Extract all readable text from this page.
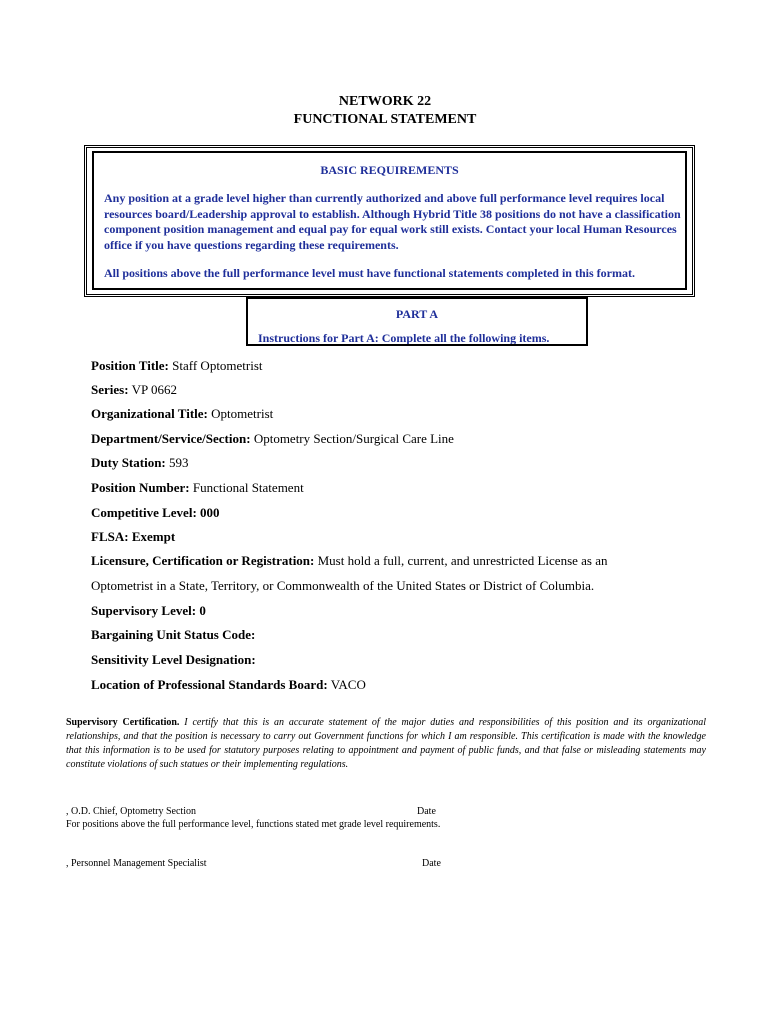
NETWORK 22
FUNCTIONAL STATEMENT
BASIC REQUIREMENTS
Any position at a grade level higher than currently authorized and above full performance level requires local resources board/Leadership approval to establish. Although Hybrid Title 38 positions do not have a classification component position management and equal pay for equal work still exists. Contact your local Human Resources office if you have questions regarding these requirements.
All positions above the full performance level must have functional statements completed in this format.
PART A
Instructions for Part A: Complete all the following items.
Position Title: Staff Optometrist
Series: VP 0662
Organizational Title: Optometrist
Department/Service/Section: Optometry Section/Surgical Care Line
Duty Station: 593
Position Number: Functional Statement
Competitive Level: 000
FLSA: Exempt
Licensure, Certification or Registration: Must hold a full, current, and unrestricted License as an
Optometrist in a State, Territory, or Commonwealth of the United States or District of Columbia.
Supervisory Level: 0
Bargaining Unit Status Code:
Sensitivity Level Designation:
Location of Professional Standards Board: VACO
Supervisory Certification. I certify that this is an accurate statement of the major duties and responsibilities of this position and its organizational relationships, and that the position is necessary to carry out Government functions for which I am responsible. This certification is made with the knowledge that this information is to be used for statutory purposes relating to appointment and payment of public funds, and that false or misleading statements may constitute violations of such statues or their implementing regulations.
, O.D. Chief, Optometry Section	Date
For positions above the full performance level, functions stated met grade level requirements.
, Personnel Management Specialist	Date
